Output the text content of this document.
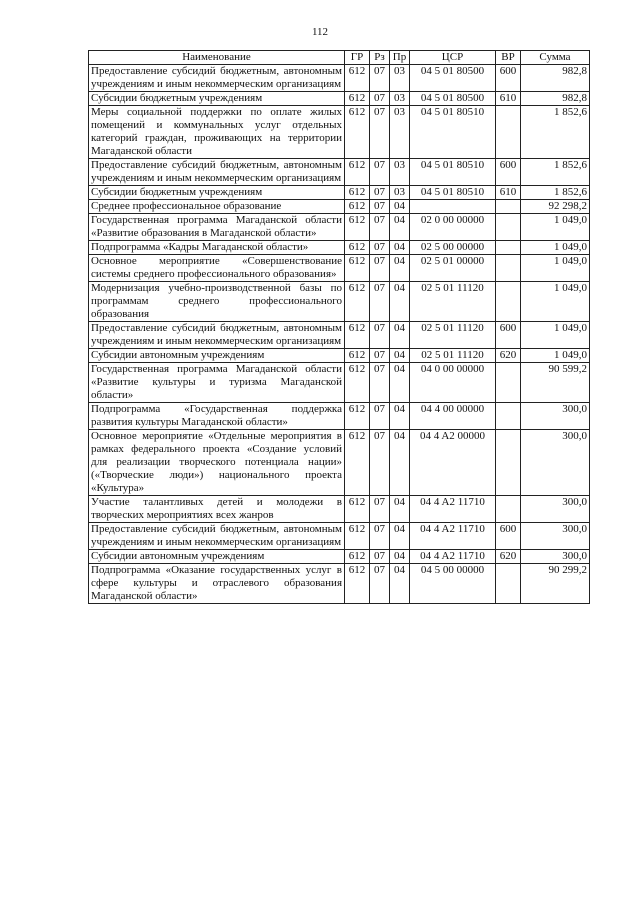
112
Наименование	ГР	Рз	Пр	ЦСР	ВР	Сумма
Предоставление субсидий бюджетным, автономным учреждениям и иным некоммерческим организациям	612	07	03	04 5 01 80500	600	982,8
Субсидии бюджетным учреждениям	612	07	03	04 5 01 80500	610	982,8
Меры социальной поддержки по оплате жилых помещений и коммунальных услуг отдельных категорий граждан, проживающих на территории Магаданской области	612	07	03	04 5 01 80510		1 852,6
Предоставление субсидий бюджетным, автономным учреждениям и иным некоммерческим организациям	612	07	03	04 5 01 80510	600	1 852,6
Субсидии бюджетным учреждениям	612	07	03	04 5 01 80510	610	1 852,6
Среднее профессиональное образование	612	07	04			92 298,2
Государственная программа Магаданской области «Развитие образования в Магаданской области»	612	07	04	02 0 00 00000		1 049,0
Подпрограмма «Кадры Магаданской области»	612	07	04	02 5 00 00000		1 049,0
Основное мероприятие «Совершенствование системы среднего профессионального образования»	612	07	04	02 5 01 00000		1 049,0
Модернизация учебно-производственной базы по программам среднего профессионального образования	612	07	04	02 5 01 11120		1 049,0
Предоставление субсидий бюджетным, автономным учреждениям и иным некоммерческим организациям	612	07	04	02 5 01 11120	600	1 049,0
Субсидии автономным учреждениям	612	07	04	02 5 01 11120	620	1 049,0
Государственная программа Магаданской области «Развитие культуры и туризма Магаданской области»	612	07	04	04 0 00 00000		90 599,2
Подпрограмма «Государственная поддержка развития культуры Магаданской области»	612	07	04	04 4 00 00000		300,0
Основное мероприятие «Отдельные мероприятия в рамках федерального проекта «Создание условий для реализации творческого потенциала нации» («Творческие люди») национального проекта «Культура»	612	07	04	04 4 A2 00000		300,0
Участие талантливых детей и молодежи в творческих мероприятиях всех жанров	612	07	04	04 4 A2 11710		300,0
Предоставление субсидий бюджетным, автономным учреждениям и иным некоммерческим организациям	612	07	04	04 4 A2 11710	600	300,0
Субсидии автономным учреждениям	612	07	04	04 4 A2 11710	620	300,0
Подпрограмма «Оказание государственных услуг в сфере культуры и отраслевого образования Магаданской области»	612	07	04	04 5 00 00000		90 299,2
